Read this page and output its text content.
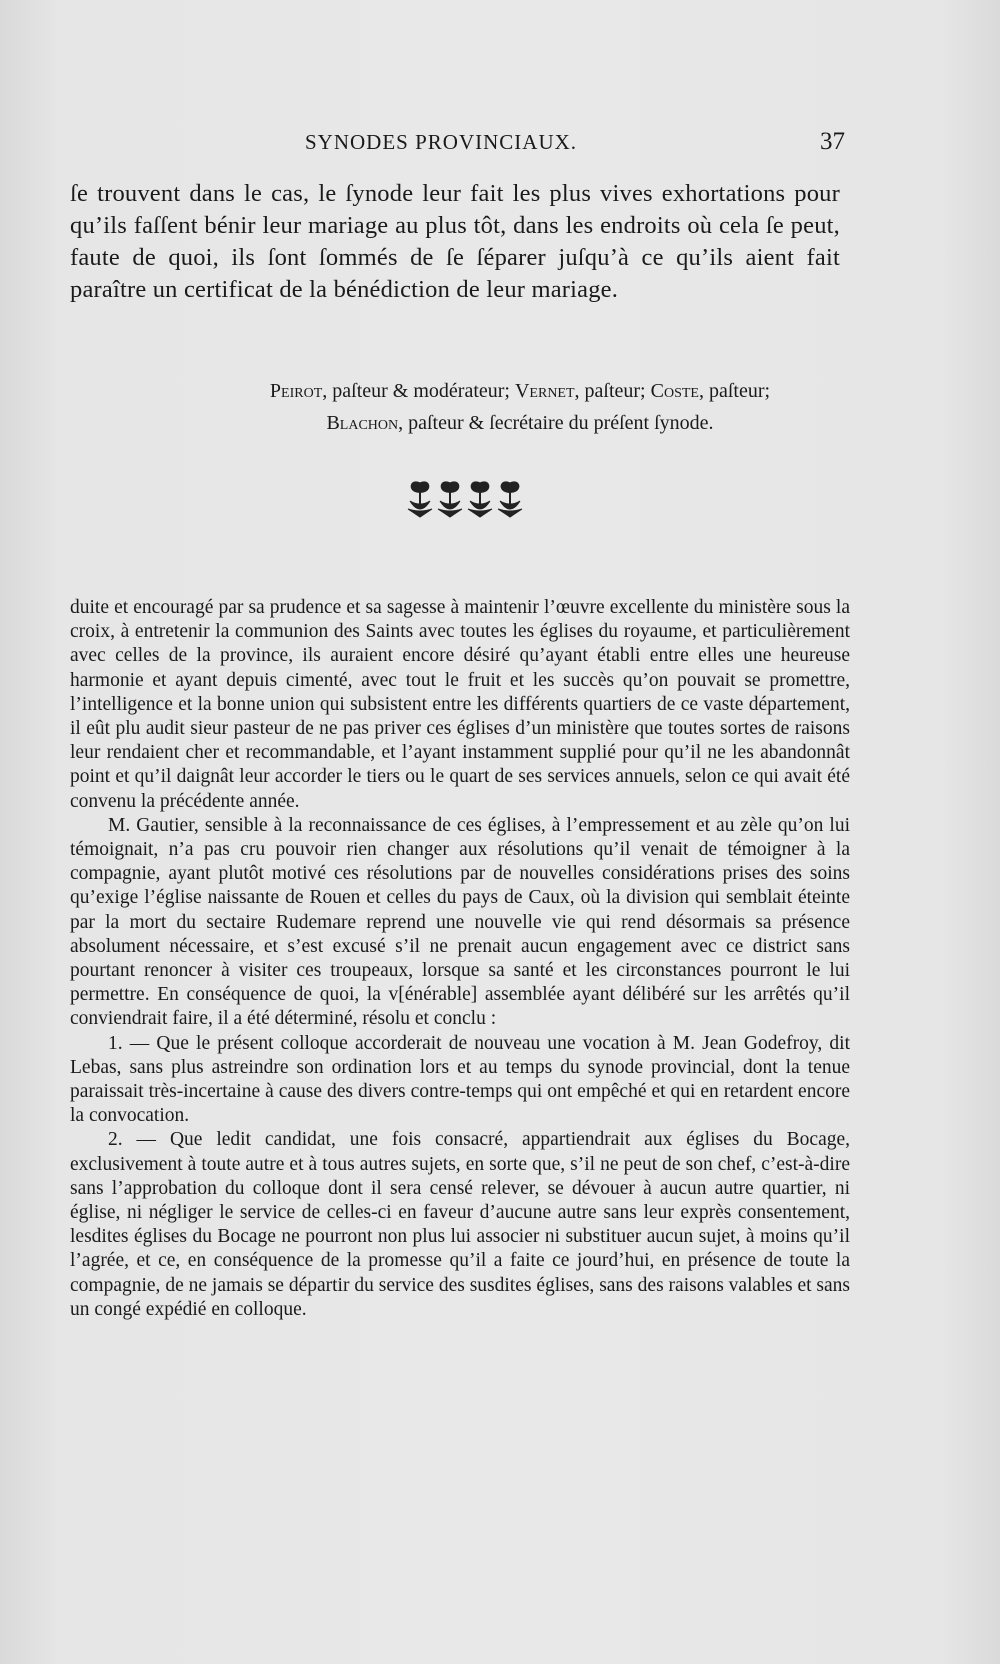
SYNODES PROVINCIAUX.	37
ſe trouvent dans le cas, le ſynode leur fait les plus vives exhortations pour qu’ils faſſent bénir leur mariage au plus tôt, dans les endroits où cela ſe peut, faute de quoi, ils ſont ſommés de ſe ſéparer juſqu’à ce qu’ils aient fait paraître un certificat de la bénédiction de leur mariage.
Peirot, paſteur & modérateur; Vernet, paſteur; Coste, paſteur;
Blachon, paſteur & ſecrétaire du préſent ſynode.

duite et encouragé par sa prudence et sa sagesse à maintenir l’œuvre excellente du ministère sous la croix, à entretenir la communion des Saints avec toutes les églises du royaume, et particulièrement avec celles de la province, ils auraient encore désiré qu’ayant établi entre elles une heureuse harmonie et ayant depuis cimenté, avec tout le fruit et les succès qu’on pouvait se promettre, l’intelligence et la bonne union qui subsistent entre les différents quartiers de ce vaste département, il eût plu audit sieur pasteur de ne pas priver ces églises d’un ministère que toutes sortes de raisons leur rendaient cher et recommandable, et l’ayant instamment supplié pour qu’il ne les abandonnât point et qu’il daignât leur accorder le tiers ou le quart de ses services annuels, selon ce qui avait été convenu la précédente année.

M. Gautier, sensible à la reconnaissance de ces églises, à l’empressement et au zèle qu’on lui témoignait, n’a pas cru pouvoir rien changer aux résolutions qu’il venait de témoigner à la compagnie, ayant plutôt motivé ces résolutions par de nouvelles considérations prises des soins qu’exige l’église naissante de Rouen et celles du pays de Caux, où la division qui semblait éteinte par la mort du sectaire Rudemare reprend une nouvelle vie qui rend désormais sa présence absolument nécessaire, et s’est excusé s’il ne prenait aucun engagement avec ce district sans pourtant renoncer à visiter ces troupeaux, lorsque sa santé et les circonstances pourront le lui permettre. En conséquence de quoi, la v[énérable] assemblée ayant délibéré sur les arrêtés qu’il conviendrait faire, il a été déterminé, résolu et conclu :

1. — Que le présent colloque accorderait de nouveau une vocation à M. Jean Godefroy, dit Lebas, sans plus astreindre son ordination lors et au temps du synode provincial, dont la tenue paraissait très-incertaine à cause des divers contre-temps qui ont empêché et qui en retardent encore la convocation.

2. — Que ledit candidat, une fois consacré, appartiendrait aux églises du Bocage, exclusivement à toute autre et à tous autres sujets, en sorte que, s’il ne peut de son chef, c’est-à-dire sans l’approbation du colloque dont il sera censé relever, se dévouer à aucun autre quartier, ni église, ni négliger le service de celles-ci en faveur d’aucune autre sans leur exprès consentement, lesdites églises du Bocage ne pourront non plus lui associer ni substituer aucun sujet, à moins qu’il l’agrée, et ce, en conséquence de la promesse qu’il a faite ce jourd’hui, en présence de toute la compagnie, de ne jamais se départir du service des susdites églises, sans des raisons valables et sans un congé expédié en colloque.
